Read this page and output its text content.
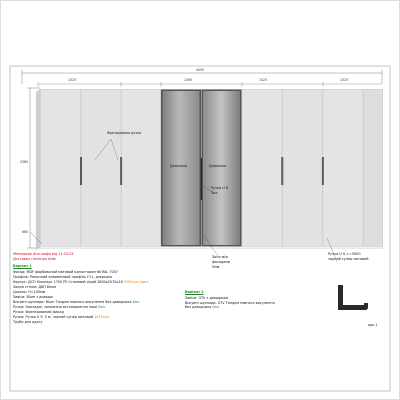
4050
1025	1390	1425	1025
2380
665
Фрезерована ручка
Дзеркало	Дзеркало
Ручка U 8
Зол
Зона між
фасадами
5мм
Ручка U 9, L=5000
чорний супер матовий
Менеджер Аня шафа від 11.04.24
Доставка / монтаж Київ
Варіант 1
Фасад: MDF фарбований матовий односторонній RAL 7047
Профіль: Рамочний алюмінієвий профіль F11, дзеркало
Корпус: ДСП Кілопарс 1700 PE Сталевий сірий 2800х2070х16 3100грн./лист
Задня стінка: ДВП білое
Цоколь: H=100мм
Завіси: Blum з доводж
Висувні шухляди: Blum Тандем повного висунення без доводчика Бал.
Ручки: Накладні, занижена встановлення наші Бал.
Ручки: Фрезерований фасад
Ручки: Ручка U 9, 5 м, чорний супер матовий 1415грн.
Труба для одягу
Варіант 2
Завіси: GTV з доводжою
Висувні шухляди: GTV Тандем повного висунення без доводчика Бал.
арк.1
